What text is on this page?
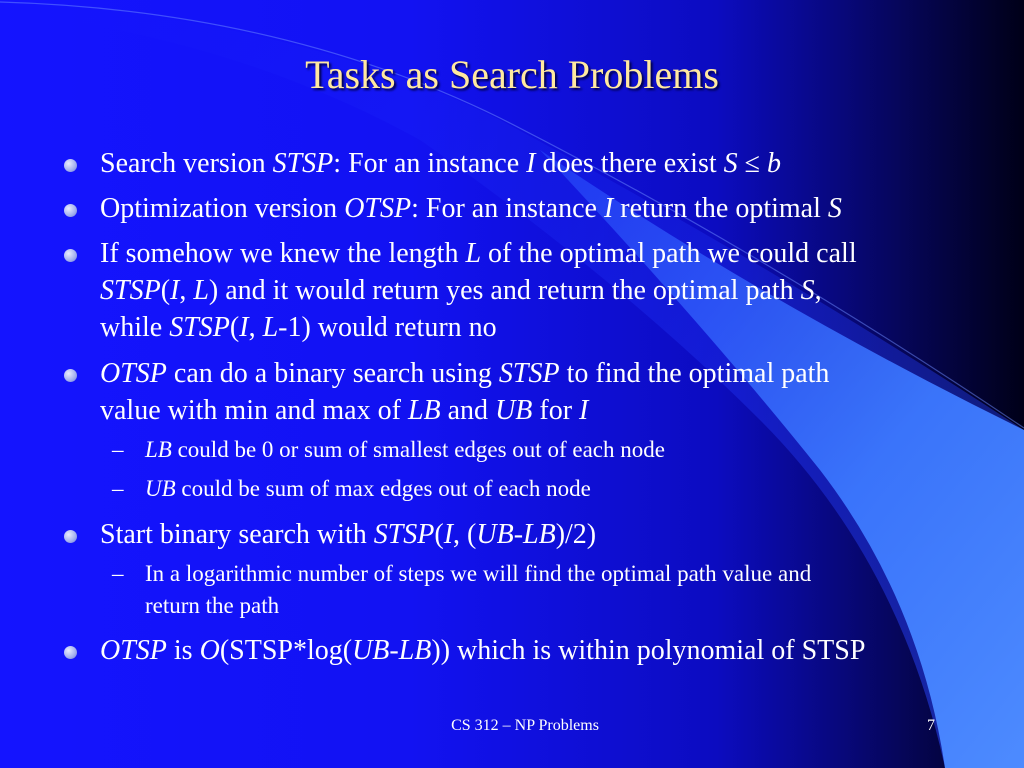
Tasks as Search Problems
Search version STSP: For an instance I does there exist S ≤ b
Optimization version OTSP: For an instance I return the optimal S
If somehow we knew the length L of the optimal path we could call
STSP(I, L) and it would return yes and return the optimal path S,
while STSP(I, L-1) would return no
OTSP can do a binary search using STSP to find the optimal path
value with min and max of LB and UB for I
– LB could be 0 or sum of smallest edges out of each node
– UB could be sum of max edges out of each node
Start binary search with STSP(I, (UB-LB)/2)
– In a logarithmic number of steps we will find the optimal path value and
return the path
OTSP is O(STSP*log(UB-LB)) which is within polynomial of STSP
CS 312 – NP Problems	7
